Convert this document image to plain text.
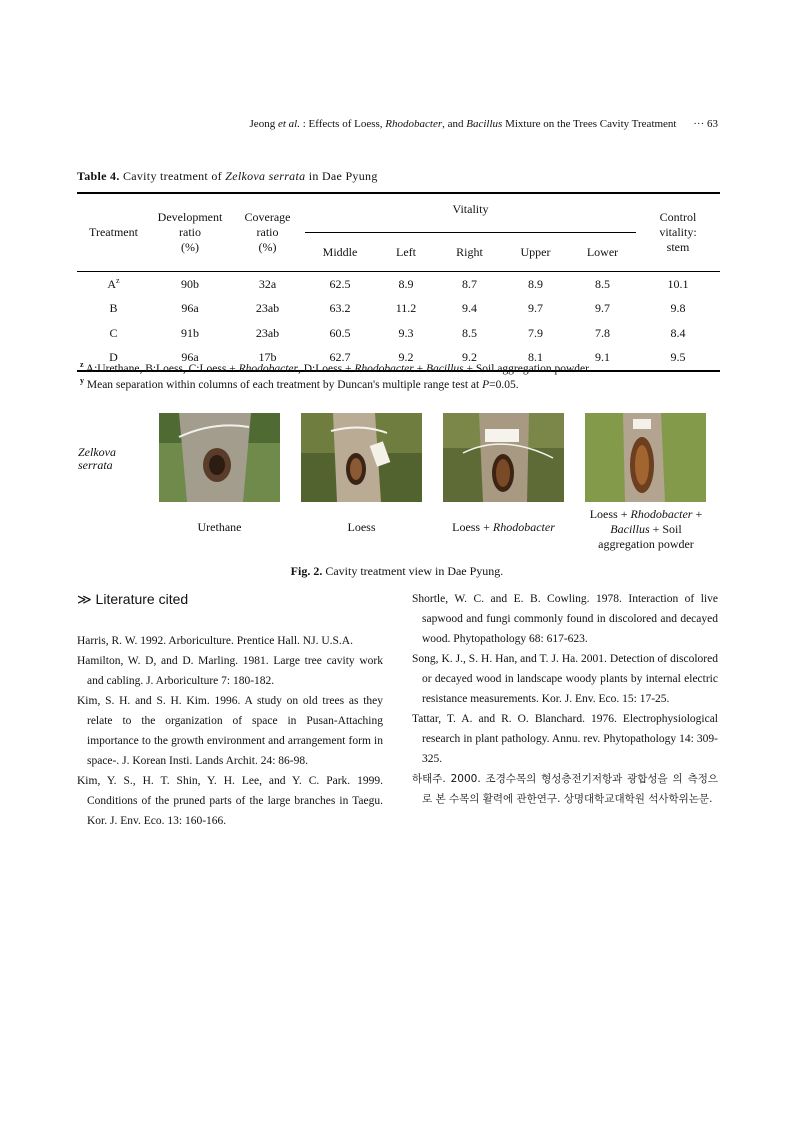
Jeong et al. : Effects of Loess, Rhodobacter, and Bacillus Mixture on the Trees Cavity Treatment ··· 63
Table 4. Cavity treatment of Zelkova serrata in Dae Pyung
Treatment	Development
ratio
(%)	Coverage
ratio
(%)	Vitality					Control
vitality:
stem
			Middle	Left	Right	Upper	Lower	
$A^z$	90b	32a	62.5	8.9	8.7	8.9	8.5	10.1
B	96a	23ab	63.2	11.2	9.4	9.7	9.7	9.8
C	91b	23ab	60.5	9.3	8.5	7.9	7.8	8.4
D	96a	17b	62.7	9.2	9.2	8.1	9.1	9.5
$^z$ A:Urethane, B:Loess, C:Loess + Rhodobacter, D:Loess + Rhodobacter + Bacillus + Soil aggregation powder
$^y$ Mean separation within columns of each treatment by Duncan's multiple range test at P=0.05.
Zelkova
serrata
Urethane	Loess	Loess + Rhodobacter
Loess + Rhodobacter +
Bacillus + Soil
aggregation powder
Fig. 2. Cavity treatment view in Dae Pyung.
≫ Literature cited
Harris, R. W. 1992. Arboriculture. Prentice Hall. NJ. U.S.A.
Hamilton, W. D, and D. Marling. 1981. Large tree cavity work and cabling. J. Arboriculture 7: 180-182.
Kim, S. H. and S. H. Kim. 1996. A study on old trees as they relate to the organization of space in Pusan-Attaching importance to the growth environment and arrangement form in space-. J. Korean Insti. Lands Archit. 24: 86-98.
Kim, Y. S., H. T. Shin, Y. H. Lee, and Y. C. Park. 1999. Conditions of the pruned parts of the large branches in Taegu. Kor. J. Env. Eco. 13: 160-166.
Shortle, W. C. and E. B. Cowling. 1978. Interaction of live sapwood and fungi commonly found in discolored and decayed wood. Phytopathology 68: 617-623.
Song, K. J., S. H. Han, and T. J. Ha. 2001. Detection of discolored or decayed wood in landscape woody plants by internal electric resistance measurements. Kor. J. Env. Eco. 15: 17-25.
Tattar, T. A. and R. O. Blanchard. 1976. Electrophysiological research in plant pathology. Annu. rev. Phytopathology 14: 309-325.
하태주. 2000. 조경수목의 형성층전기저항과 광합성을 의 측정으로 본 수목의 활력에 관한연구. 상명대학교대학원 석사학위논문.
